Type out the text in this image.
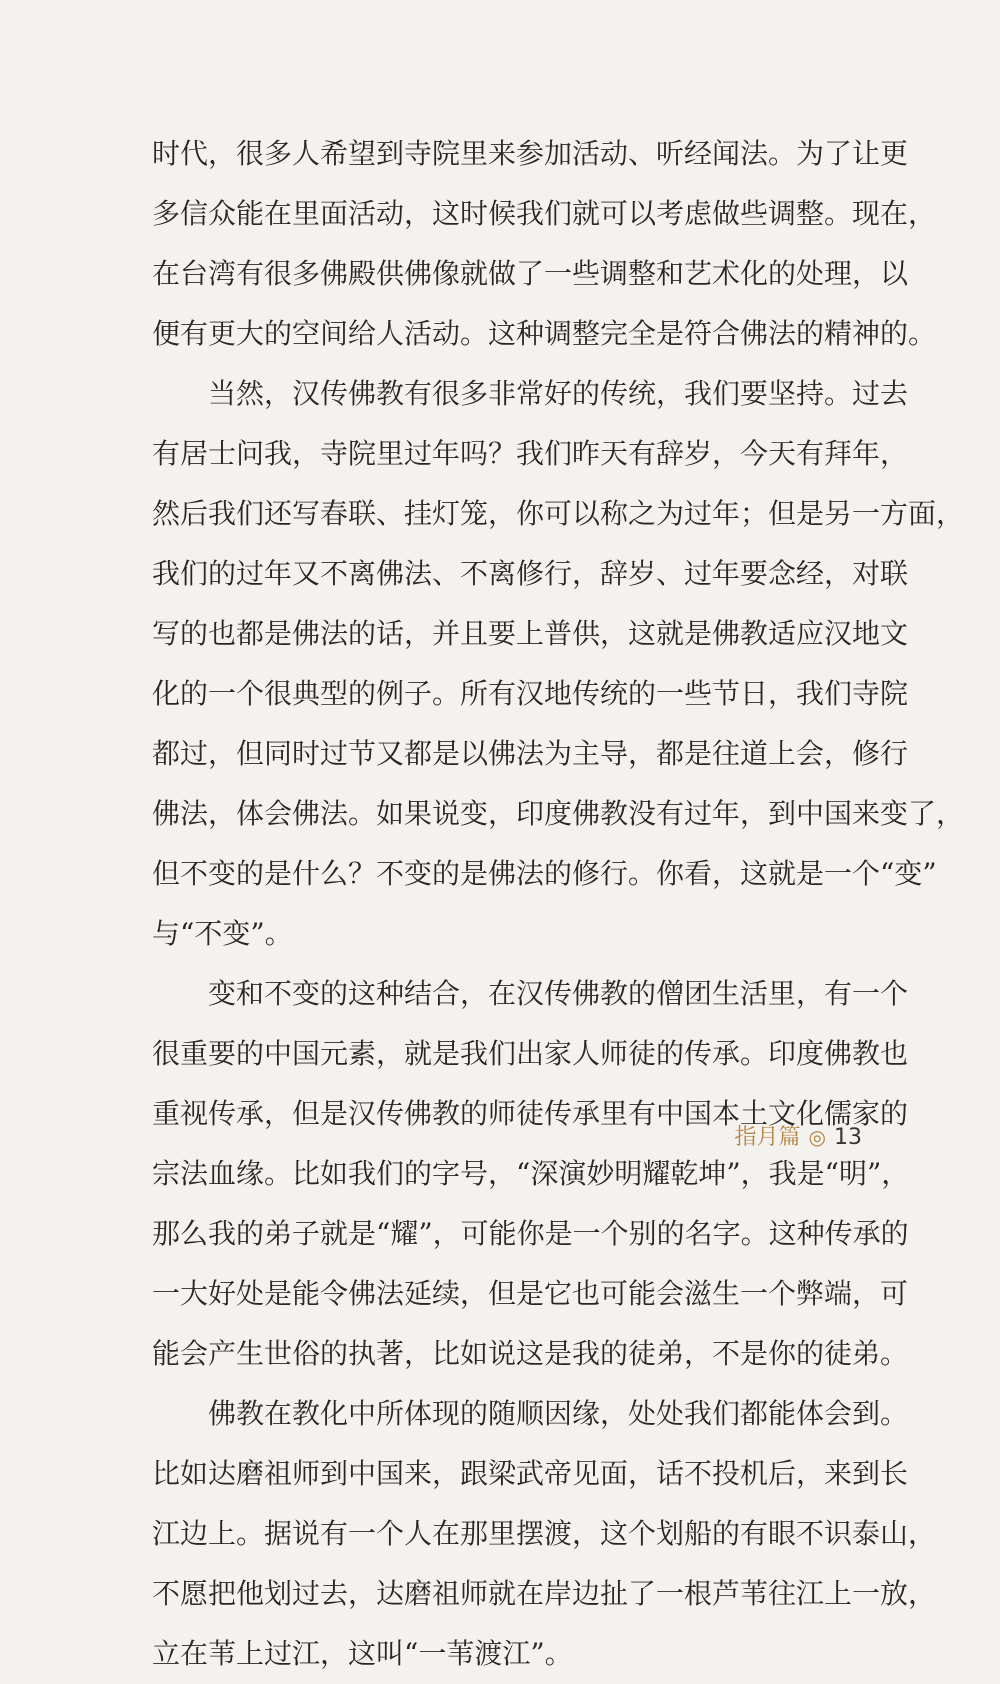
时代，很多人希望到寺院里来参加活动、听经闻法。为了让更
多信众能在里面活动，这时候我们就可以考虑做些调整。现在，
在台湾有很多佛殿供佛像就做了一些调整和艺术化的处理，以
便有更大的空间给人活动。这种调整完全是符合佛法的精神的。
当然，汉传佛教有很多非常好的传统，我们要坚持。过去
有居士问我，寺院里过年吗？我们昨天有辞岁，今天有拜年，
然后我们还写春联、挂灯笼，你可以称之为过年；但是另一方面，
我们的过年又不离佛法、不离修行，辞岁、过年要念经，对联
写的也都是佛法的话，并且要上普供，这就是佛教适应汉地文
化的一个很典型的例子。所有汉地传统的一些节日，我们寺院
都过，但同时过节又都是以佛法为主导，都是往道上会，修行
佛法，体会佛法。如果说变，印度佛教没有过年，到中国来变了，
但不变的是什么？不变的是佛法的修行。你看，这就是一个“变”
与“不变”。
变和不变的这种结合，在汉传佛教的僧团生活里，有一个
很重要的中国元素，就是我们出家人师徒的传承。印度佛教也
重视传承，但是汉传佛教的师徒传承里有中国本土文化儒家的
宗法血缘。比如我们的字号，“深演妙明耀乾坤”，我是“明”，
那么我的弟子就是“耀”，可能你是一个别的名字。这种传承的
一大好处是能令佛法延续，但是它也可能会滋生一个弊端，可
能会产生世俗的执著，比如说这是我的徒弟，不是你的徒弟。
佛教在教化中所体现的随顺因缘，处处我们都能体会到。
比如达磨祖师到中国来，跟梁武帝见面，话不投机后，来到长
江边上。据说有一个人在那里摆渡，这个划船的有眼不识泰山，
不愿把他划过去，达磨祖师就在岸边扯了一根芦苇往江上一放，
立在苇上过江，这叫“一苇渡江”。
指月篇 ◎ 13
